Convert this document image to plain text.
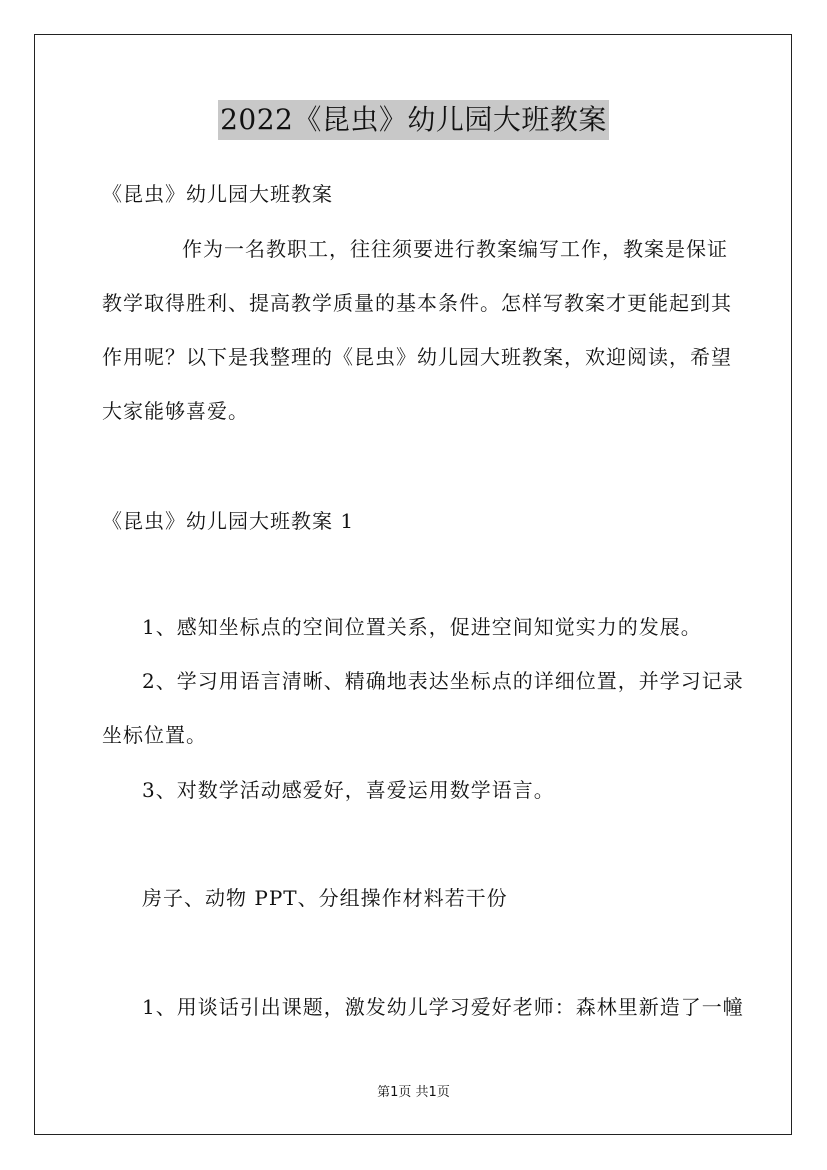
2022《昆虫》幼儿园大班教案
《昆虫》幼儿园大班教案
作为一名教职工，往往须要进行教案编写工作，教案是保证
教学取得胜利、提高教学质量的基本条件。怎样写教案才更能起到其
作用呢？以下是我整理的《昆虫》幼儿园大班教案，欢迎阅读，希望
大家能够喜爱。
《昆虫》幼儿园大班教案 1
1、感知坐标点的空间位置关系，促进空间知觉实力的发展。
2、学习用语言清晰、精确地表达坐标点的详细位置，并学习记录
坐标位置。
3、对数学活动感爱好，喜爱运用数学语言。
房子、动物 PPT、分组操作材料若干份
1、用谈话引出课题，激发幼儿学习爱好老师：森林里新造了一幢
第1页 共1页
